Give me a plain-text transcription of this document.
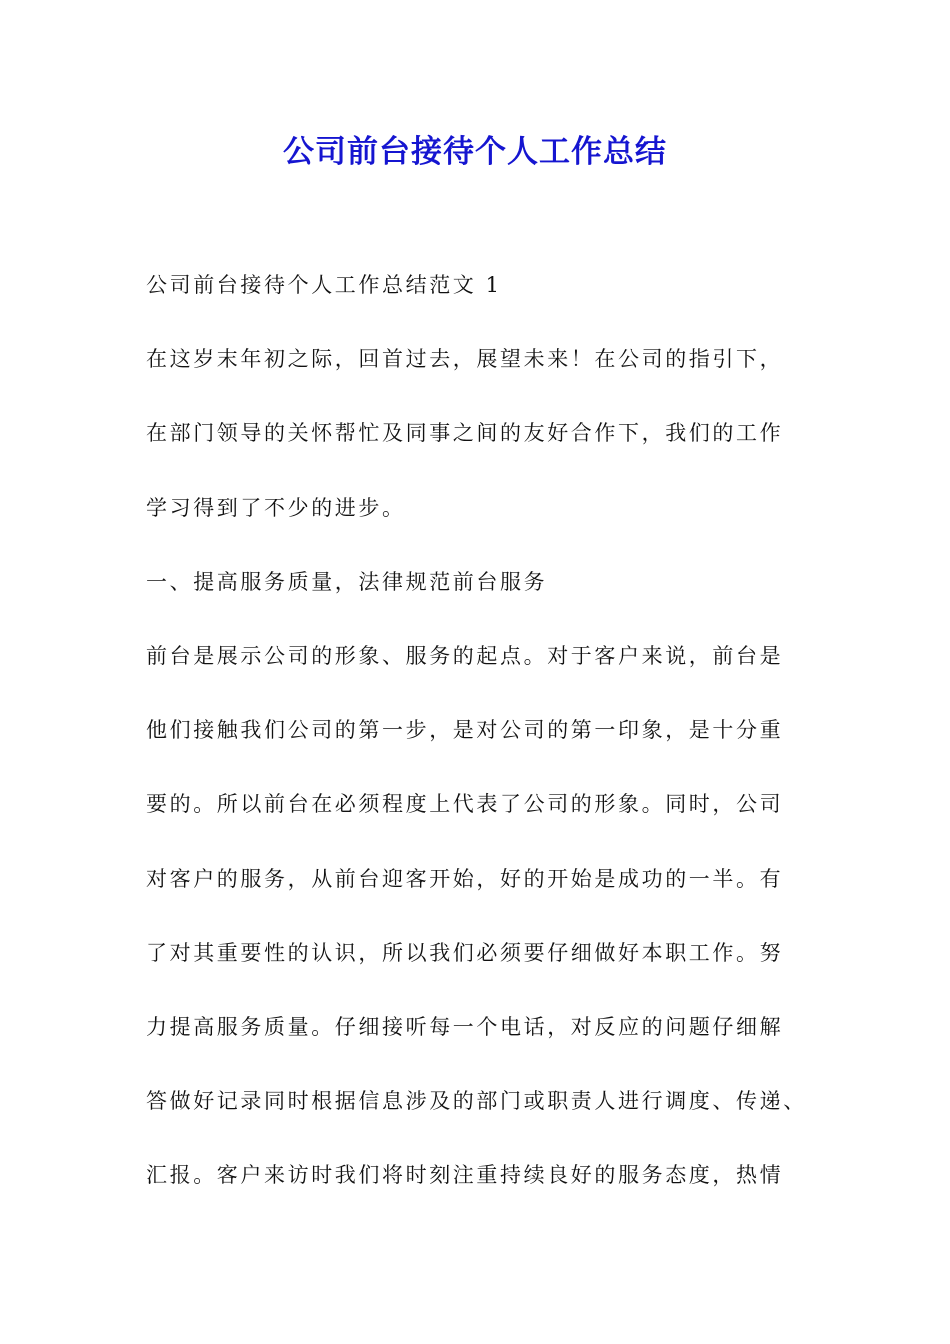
公司前台接待个人工作总结

公司前台接待个人工作总结范文 1

在这岁末年初之际，回首过去，展望未来！在公司的指引下，

在部门领导的关怀帮忙及同事之间的友好合作下，我们的工作

学习得到了不少的进步。

一、提高服务质量，法律规范前台服务

前台是展示公司的形象、服务的起点。对于客户来说，前台是

他们接触我们公司的第一步，是对公司的第一印象，是十分重

要的。所以前台在必须程度上代表了公司的形象。同时，公司

对客户的服务，从前台迎客开始，好的开始是成功的一半。有

了对其重要性的认识，所以我们必须要仔细做好本职工作。努

力提高服务质量。仔细接听每一个电话，对反应的问题仔细解

答做好记录同时根据信息涉及的部门或职责人进行调度、传递、

汇报。客户来访时我们将时刻注重持续良好的服务态度，热情
